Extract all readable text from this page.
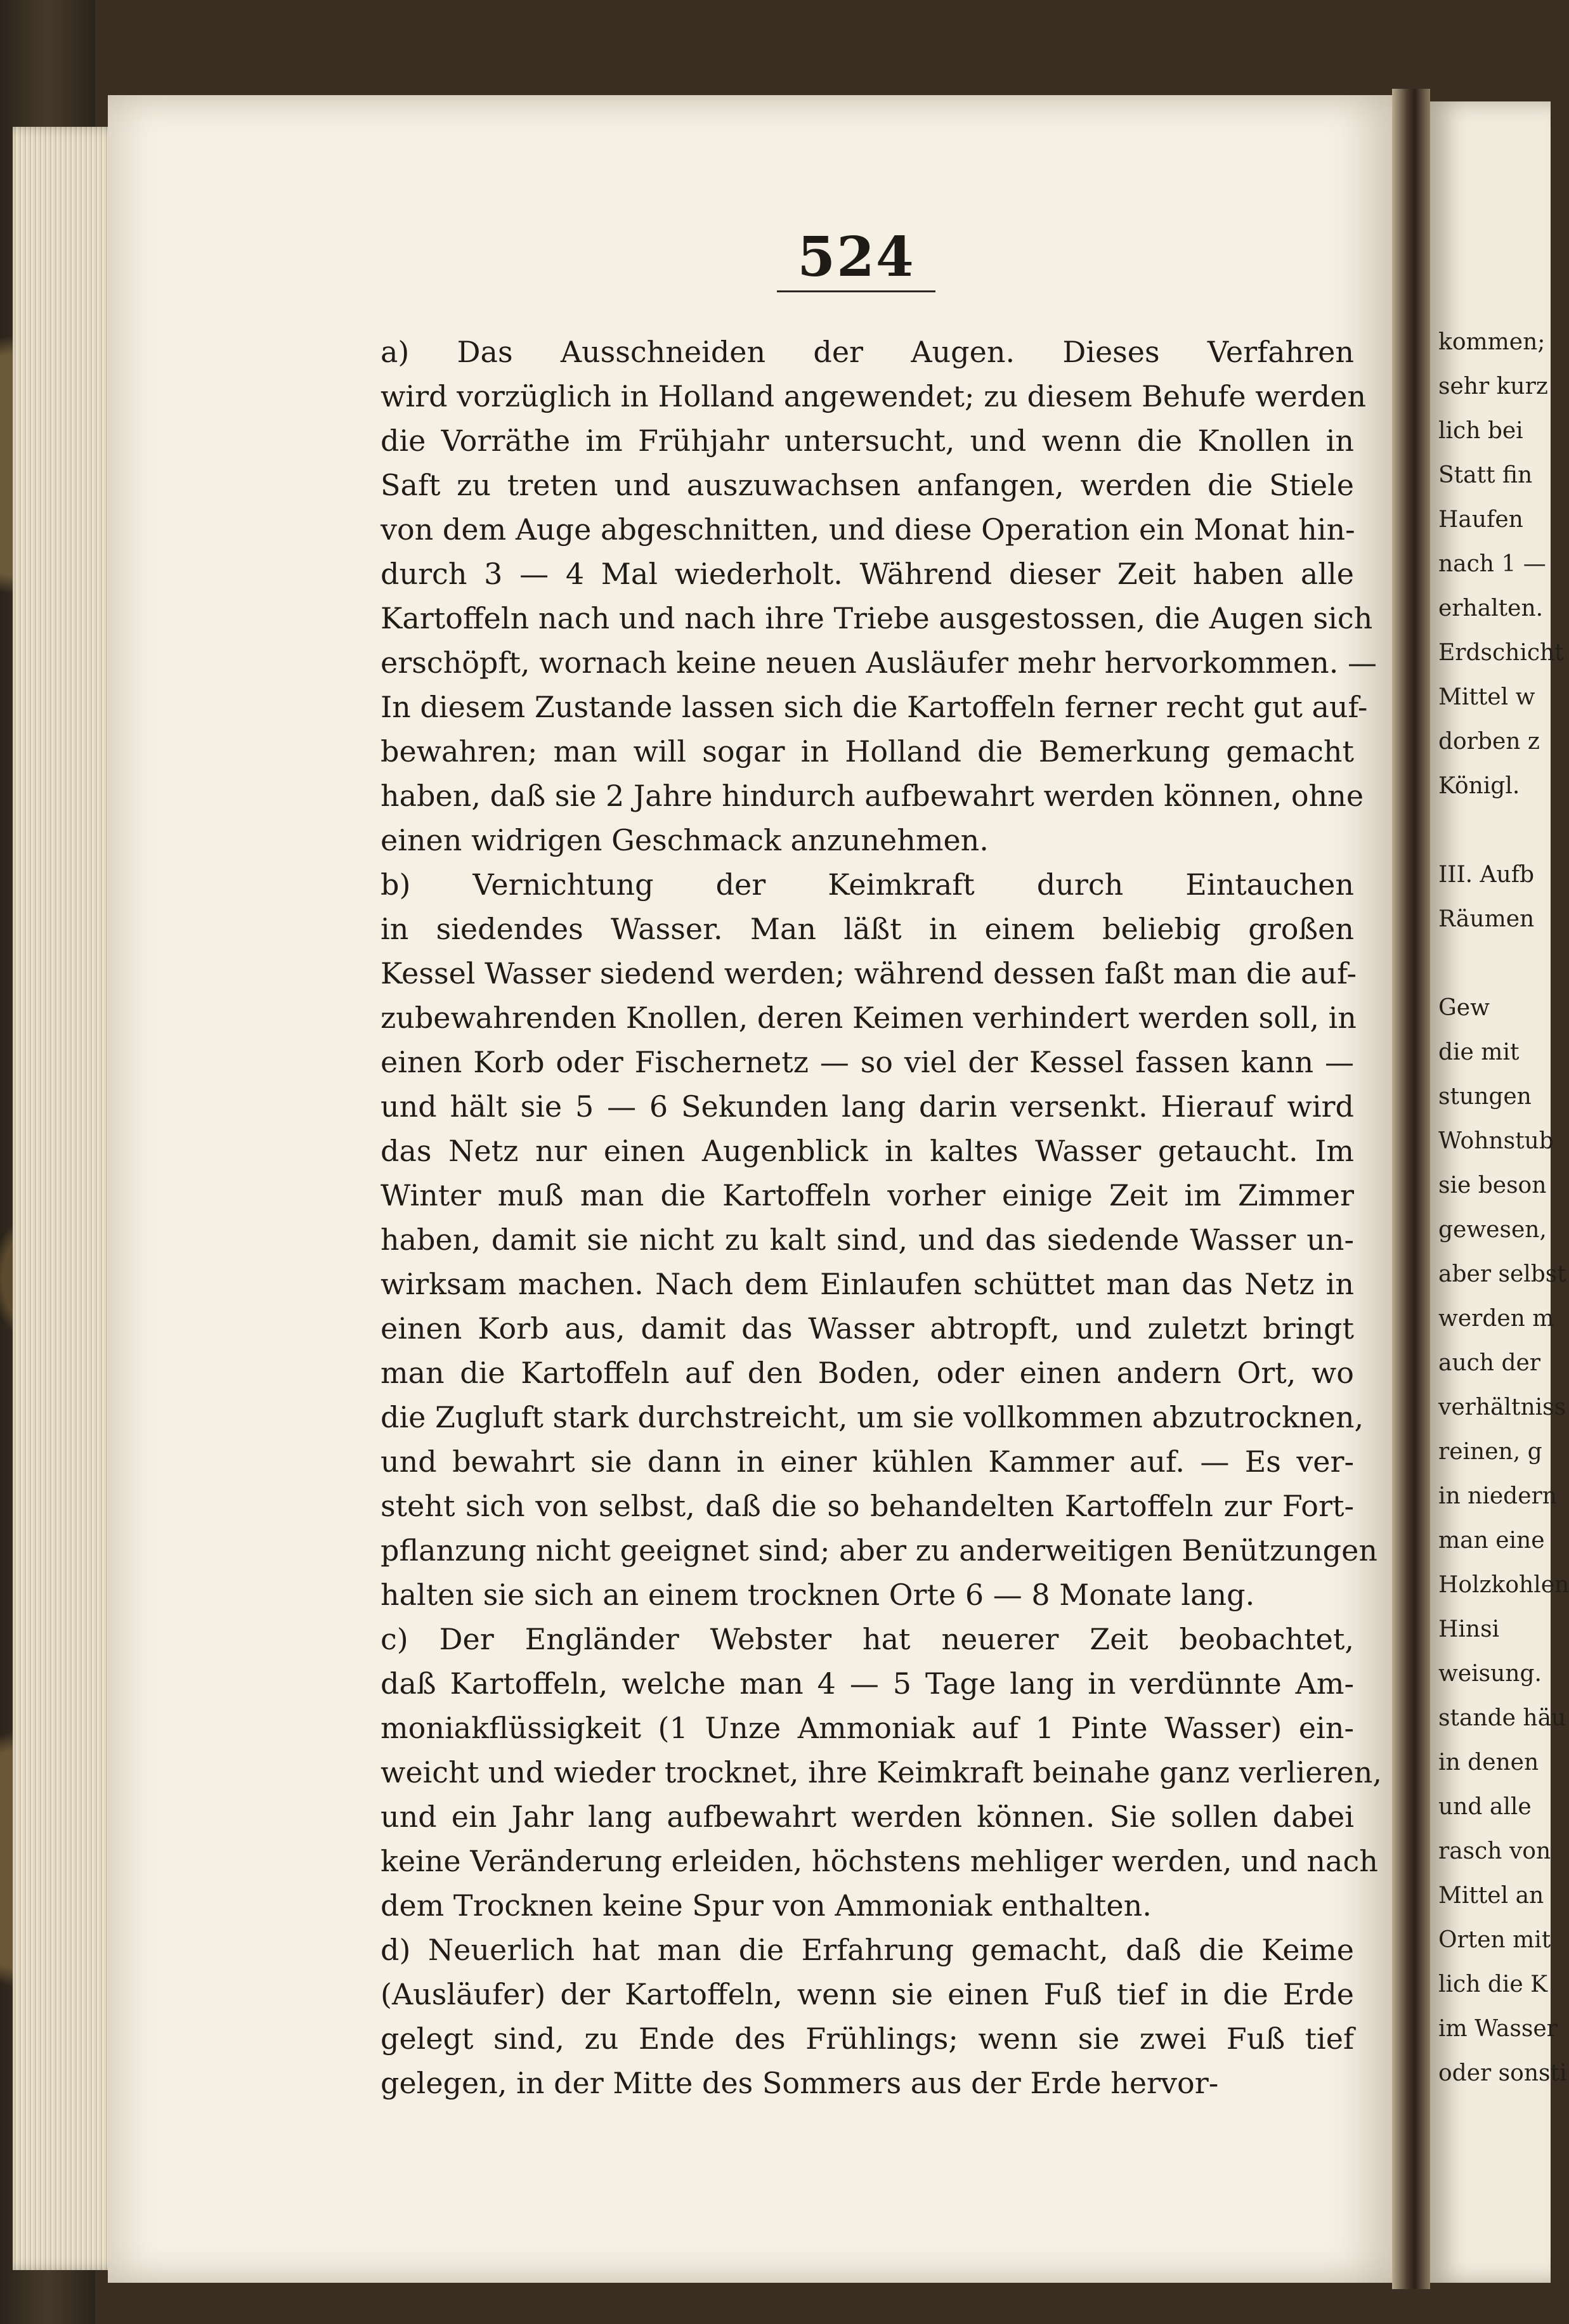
524
a) Das Ausschneiden der Augen. Dieses Verfahren
wird vorzüglich in Holland angewendet; zu diesem Behufe werden
die Vorräthe im Frühjahr untersucht, und wenn die Knollen in
Saft zu treten und auszuwachsen anfangen, werden die Stiele
von dem Auge abgeschnitten, und diese Operation ein Monat hin-
durch 3 — 4 Mal wiederholt. Während dieser Zeit haben alle
Kartoffeln nach und nach ihre Triebe ausgestossen, die Augen sich
erschöpft, wornach keine neuen Ausläufer mehr hervorkommen. —
In diesem Zustande lassen sich die Kartoffeln ferner recht gut auf-
bewahren; man will sogar in Holland die Bemerkung gemacht
haben, daß sie 2 Jahre hindurch aufbewahrt werden können, ohne
einen widrigen Geschmack anzunehmen.
b) Vernichtung der Keimkraft durch Eintauchen
in siedendes Wasser. Man läßt in einem beliebig großen
Kessel Wasser siedend werden; während dessen faßt man die auf-
zubewahrenden Knollen, deren Keimen verhindert werden soll, in
einen Korb oder Fischernetz — so viel der Kessel fassen kann —
und hält sie 5 — 6 Sekunden lang darin versenkt. Hierauf wird
das Netz nur einen Augenblick in kaltes Wasser getaucht. Im
Winter muß man die Kartoffeln vorher einige Zeit im Zimmer
haben, damit sie nicht zu kalt sind, und das siedende Wasser un-
wirksam machen. Nach dem Einlaufen schüttet man das Netz in
einen Korb aus, damit das Wasser abtropft, und zuletzt bringt
man die Kartoffeln auf den Boden, oder einen andern Ort, wo
die Zugluft stark durchstreicht, um sie vollkommen abzutrocknen,
und bewahrt sie dann in einer kühlen Kammer auf. — Es ver-
steht sich von selbst, daß die so behandelten Kartoffeln zur Fort-
pflanzung nicht geeignet sind; aber zu anderweitigen Benützungen
halten sie sich an einem trocknen Orte 6 — 8 Monate lang.
c) Der Engländer Webster hat neuerer Zeit beobachtet,
daß Kartoffeln, welche man 4 — 5 Tage lang in verdünnte Am-
moniakflüssigkeit (1 Unze Ammoniak auf 1 Pinte Wasser) ein-
weicht und wieder trocknet, ihre Keimkraft beinahe ganz verlieren,
und ein Jahr lang aufbewahrt werden können. Sie sollen dabei
keine Veränderung erleiden, höchstens mehliger werden, und nach
dem Trocknen keine Spur von Ammoniak enthalten.
d) Neuerlich hat man die Erfahrung gemacht, daß die Keime
(Ausläufer) der Kartoffeln, wenn sie einen Fuß tief in die Erde
gelegt sind, zu Ende des Frühlings; wenn sie zwei Fuß tief
gelegen, in der Mitte des Sommers aus der Erde hervor-
kommen;
sehr kurz
lich bei
Statt fin
Haufen
nach 1 —
erhalten.
Erdschicht
Mittel w
dorben z
Königl.
III. Aufb
Räumen
Gew
die mit
stungen
Wohnstub
sie beson
gewesen,
aber selbst
werden m
auch der
verhältniss
reinen, g
in niedern
man eine
Holzkohlen
Hinsi
weisung.
stande häu
in denen
und alle
rasch von
Mittel an
Orten mit
lich die K
im Wasser
oder sonsti
